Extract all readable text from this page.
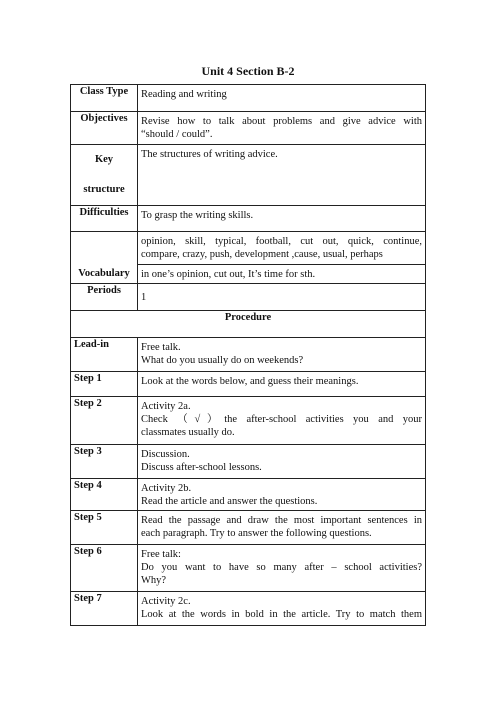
Unit 4 Section B-2
Class Type	Reading and writing
Objectives	Revise how to talk about problems and give advice with
“should / could”.

Key
structure	The structures of writing advice.
Difficulties	To grasp the writing skills.
Vocabulary	opinion, skill, typical, football, cut out, quick, continue,
compare, crazy, push, development ,cause, usual, perhaps

	in one’s opinion, cut out, It’s time for sth.
Periods	1
Procedure	
Lead-in	Free talk.
What do you usually do on weekends?

Step 1	Look at the words below, and guess their meanings.

Step 2	Activity 2a.
Check （√）the after-school activities you and your
classmates usually do.

Step 3	Discussion.
Discuss after-school lessons.

Step 4	Activity 2b.
Read the article and answer the questions.

Step 5	Read the passage and draw the most important sentences in
each paragraph. Try to answer the following questions.

Step 6	Free talk:
Do you want to have so many after – school activities?
Why?

Step 7	Activity 2c.
Look at the words in bold in the article. Try to match them
